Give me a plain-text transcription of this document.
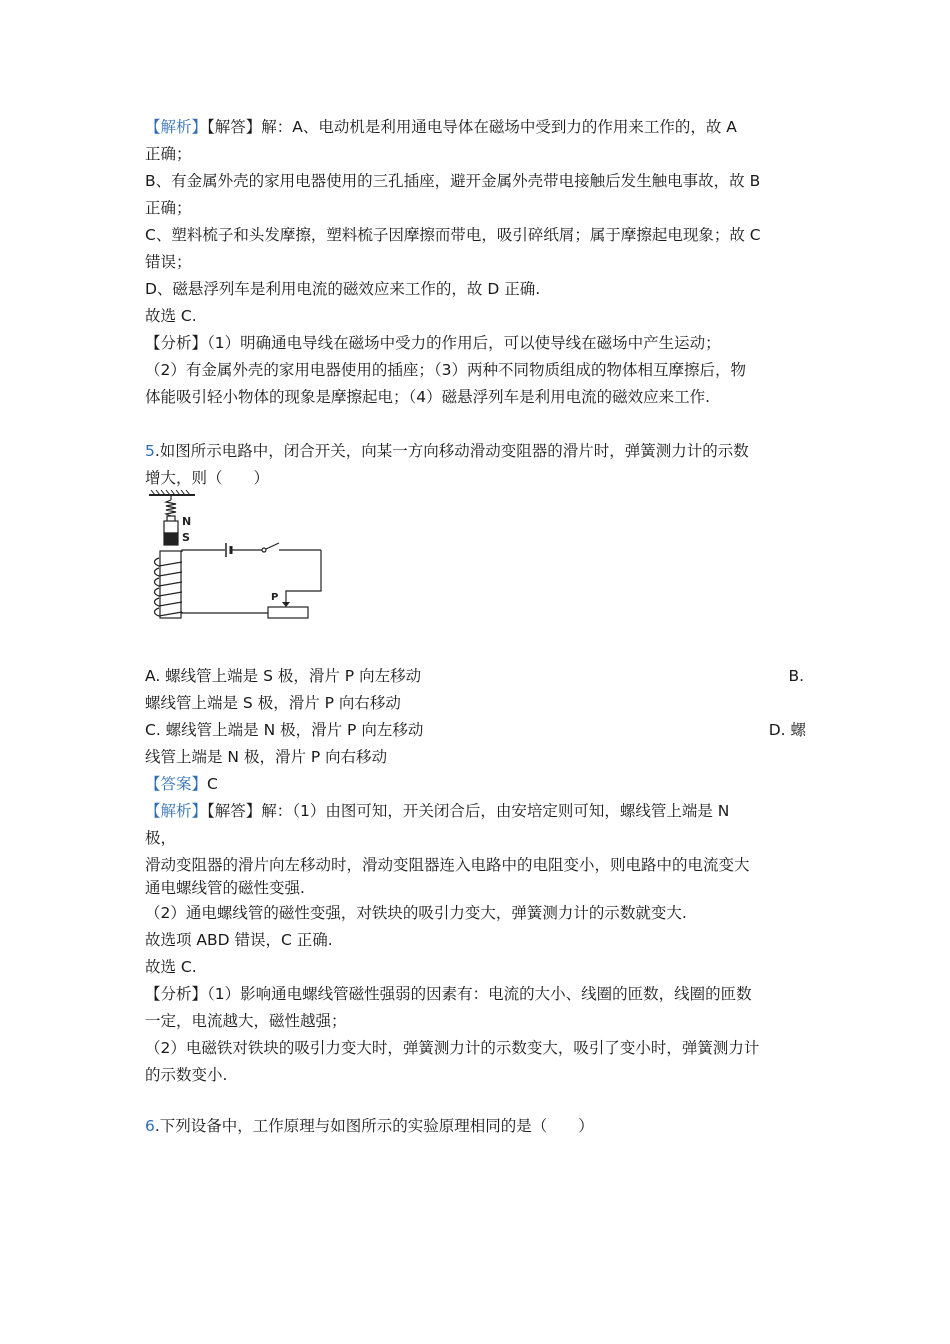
【解析】【解答】解：A、电动机是利用通电导体在磁场中受到力的作用来工作的，故 A
正确；
B、有金属外壳的家用电器使用的三孔插座，避开金属外壳带电接触后发生触电事故，故 B
正确；
C、塑料梳子和头发摩擦，塑料梳子因摩擦而带电，吸引碎纸屑；属于摩擦起电现象；故 C
错误；
D、磁悬浮列车是利用电流的磁效应来工作的，故 D 正确.
故选 C.
【分析】（1）明确通电导线在磁场中受力的作用后，可以使导线在磁场中产生运动；
（2）有金属外壳的家用电器使用的插座；（3）两种不同物质组成的物体相互摩擦后，物
体能吸引轻小物体的现象是摩擦起电；（4）磁悬浮列车是利用电流的磁效应来工作.
5.如图所示电路中，闭合开关，向某一方向移动滑动变阻器的滑片时，弹簧测力计的示数
增大，则（　　）
N
S
P
A. 螺线管上端是 S 极，滑片 P 向左移动	B.
螺线管上端是 S 极，滑片 P 向右移动
C. 螺线管上端是 N 极，滑片 P 向左移动	D. 螺
线管上端是 N 极，滑片 P 向右移动
【答案】C
【解析】【解答】解：（1）由图可知，开关闭合后，由安培定则可知，螺线管上端是 N
极，
滑动变阻器的滑片向左移动时，滑动变阻器连入电路中的电阻变小，则电路中的电流变大
通电螺线管的磁性变强.
（2）通电螺线管的磁性变强，对铁块的吸引力变大，弹簧测力计的示数就变大.
故选项 ABD 错误，C 正确.
故选 C.
【分析】（1）影响通电螺线管磁性强弱的因素有：电流的大小、线圈的匝数，线圈的匝数
一定，电流越大，磁性越强；
（2）电磁铁对铁块的吸引力变大时，弹簧测力计的示数变大，吸引了变小时，弹簧测力计
的示数变小.
6.下列设备中，工作原理与如图所示的实验原理相同的是（　　）
